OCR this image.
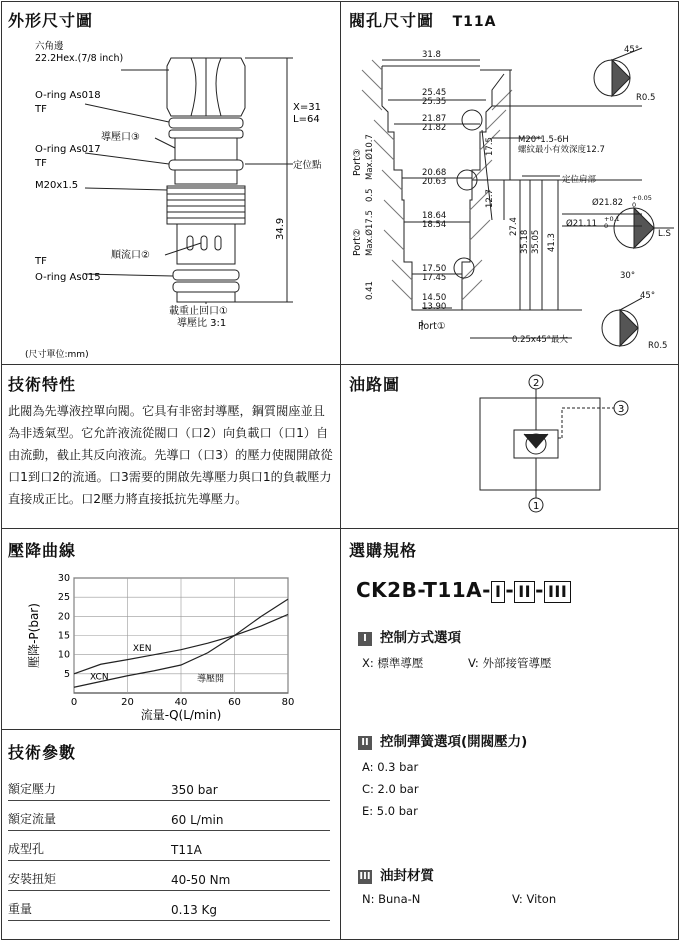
外形尺寸圖
六角邊
22.2Hex.(7/8 inch)
O-ring As018
TF
導壓口③
O-ring As017
TF
M20x1.5
順流口②
TF
O-ring As015
X=31
L=64
定位點
34.9
載重止回口①
導壓比 3:1
(尺寸單位:mm)
閥孔尺寸圖 T11A
31.8
25.45
25.35
21.87
21.82
20.68
20.63
18.64
18.54
17.50
17.45
14.50
13.90
Port①
Max.Ø10.7
Port③
0.5
Max.Ø17.5
Port②
0.41
17.5
12.7
27.4
35.18 35.05 41.3
M20*1.5-6H
螺紋最小有效深度12.7
定位肩部
0.25x45°最大
45°
R0.5
Ø21.82 +0.05
0
Ø21.11 +0.1
0
L.S
30°
45°
R0.5
技術特性
此閥為先導液控單向閥。它具有非密封導壓，鋼質閥座並且為非透氣型。它允許液流從閥口（口2）向負載口（口1）自由流動，截止其反向液流。先導口（口3）的壓力使閥開啟從口1到口2的流通。口3需要的開啟先導壓力與口1的負載壓力直接成正比。口2壓力將直接抵抗先導壓力。
油路圖	2
1
3
壓降曲線
0	20	40	60	80
5
10
15
20
25
30
XEN
XCN	導壓開
流量-Q(L/min)
壓降-P(bar)
技術參數
額定壓力	350 bar
額定流量	60 L/min
成型孔	T11A
安裝扭矩	40-50 Nm
重量	0.13 Kg
選購規格
CK2B-T11A- I - II - III
I 控制方式選項
X: 標準導壓	V: 外部接管導壓
II 控制彈簧選項(開閥壓力)
A: 0.3 bar
C: 2.0 bar
E: 5.0 bar
III 油封材質
N: Buna-N	V: Viton
